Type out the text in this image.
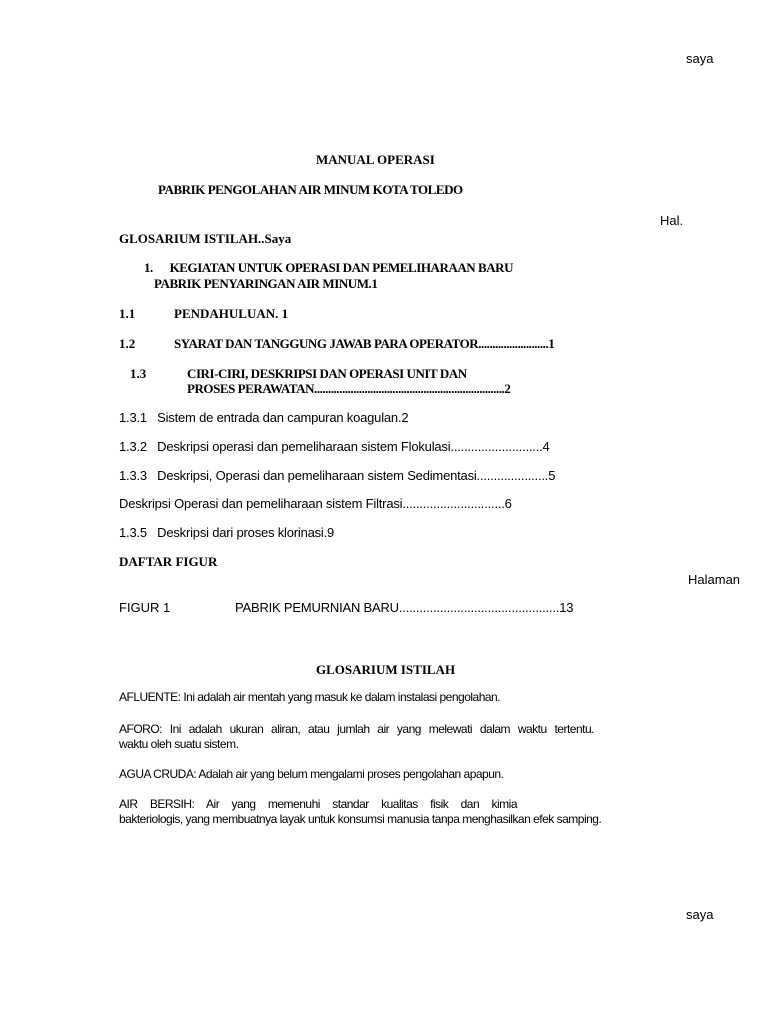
saya
MANUAL OPERASI
PABRIK PENGOLAHAN AIR MINUM KOTA TOLEDO
Hal.
GLOSARIUM ISTILAH..Saya
1.      KEGIATAN UNTUK OPERASI DAN PEMELIHARAAN BARU
PABRIK PENYARINGAN AIR MINUM.1
1.1	PENDAHULUAN. 1
1.2	SYARAT DAN TANGGUNG JAWAB PARA OPERATOR.........................1
1.3	CIRI-CIRI, DESKRIPSI DAN OPERASI UNIT DAN
PROSES PERAWATAN....................................................................2
1.3.1   Sistem de entrada dan campuran koagulan.2
1.3.2   Deskripsi operasi dan pemeliharaan sistem Flokulasi...........................4
1.3.3   Deskripsi, Operasi dan pemeliharaan sistem Sedimentasi.....................5
Deskripsi Operasi dan pemeliharaan sistem Filtrasi..............................6
1.3.5   Deskripsi dari proses klorinasi.9
DAFTAR FIGUR
Halaman
FIGUR 1	PABRIK PEMURNIAN BARU...............................................13
GLOSARIUM ISTILAH
AFLUENTE: Ini adalah air mentah yang masuk ke dalam instalasi pengolahan.
AFORO: Ini adalah ukuran aliran, atau jumlah air yang melewati dalam waktu tertentu.
waktu oleh suatu sistem.
AGUA CRUDA: Adalah air yang belum mengalami proses pengolahan apapun.
AIR BERSIH: Air yang memenuhi standar kualitas fisik dan kimia
bakteriologis, yang membuatnya layak untuk konsumsi manusia tanpa menghasilkan efek samping.
saya
